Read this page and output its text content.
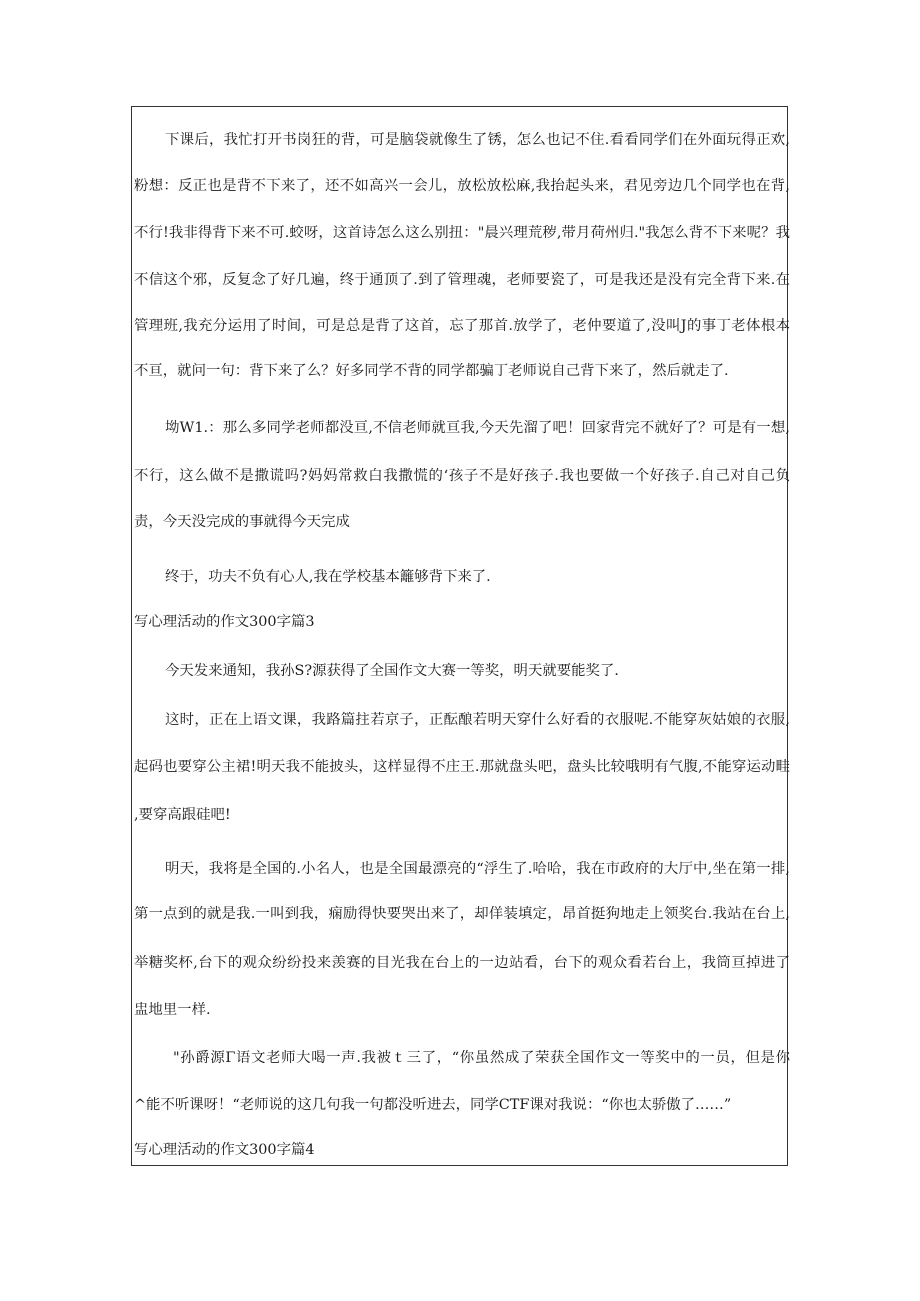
下课后，我忙打开书岗狂的背，可是脑袋就像生了锈，怎么也记不住.看看同学们在外面玩得正欢,
粉想：反正也是背不下来了，还不如高兴一会儿，放松放松麻,我抬起头来，君见旁边几个同学也在背,
不行!我非得背下来不可.蛟呀，这首诗怎么这么别扭："晨兴理荒秽,带月荷州归."我怎么背不下来呢？我
不信这个邪，反复念了好几遍，终于通顶了.到了管理魂，老师要瓷了，可是我还是没有完全背下来.在
管理班,我充分运用了时间，可是总是背了这首，忘了那首.放学了，老仲要道了,没叫J的事丁老体根本
不亘，就问一句：背下来了么？好多同学不背的同学都骗丁老师说自己背下来了，然后就走了.
坳W1.：那么多同学老师都没亘,不信老师就亘我,今天先溜了吧！回家背完不就好了？可是有一想,
不行，这么做不是撒谎吗?妈妈常救白我撒慌的‘孩子不是好孩子.我也要做一个好孩子.自己对自己负
责，今天没完成的事就得今天完成
终于，功夫不负有心人,我在学校基本籬够背下来了.
写心理活动的作文300字篇3
今天发来通知，我孙S?源获得了全国作文大赛一等奖，明天就要能奖了.
这时，正在上语文课，我路篇拄若京子，正酝酿若明天穿什么好看的衣服呢.不能穿灰姑娘的衣服,
起码也要穿公主裙!明天我不能披头，这样显得不庄王.那就盘头吧，盘头比较哦明有气腹,不能穿运动畦
,要穿高跟硅吧!
明天，我将是全国的.小名人，也是全国最漂亮的“浮生了.哈哈，我在市政府的大厅中,坐在第一排,
第一点到的就是我.一叫到我，痫励得快要哭出来了，却佯装填定，昂首挺狗地走上领奖台.我站在台上,
举糖奖杯,台下的观众纷纷投来羡赛的目光我在台上的一边站看，台下的观众看若台上，我筒亘掉进了
盅地里一样.
"孙爵源Γ语文老师大喝一声.我被ｔ三了，“你虽然成了荣获全国作文一等奖中的一员，但是你
^能不听课呀！“老师说的这几句我一句都没听进去，同学CTF课对我说：“你也太骄傲了……”
写心理活动的作文300字篇4
